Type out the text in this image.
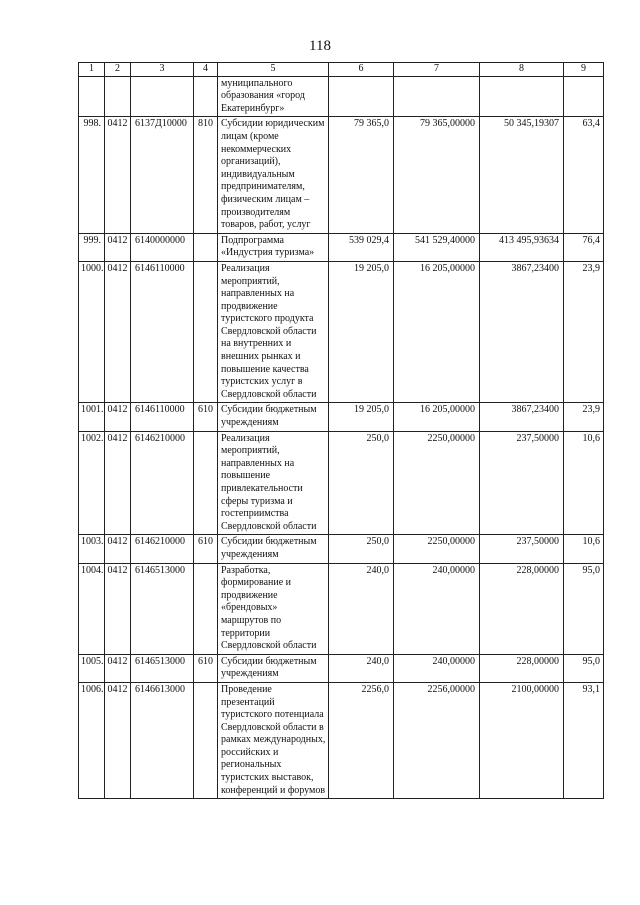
118
1	2	3	4	5	6	7	8	9
				муниципального образования «город Екатеринбург»				
998.	0412	6137Д10000	810	Субсидии юридическим лицам (кроме некоммерческих организаций), индивидуальным предпринимателям, физическим лицам – производителям товаров, работ, услуг	79 365,0	79 365,00000	50 345,19307	63,4
999.	0412	6140000000		Подпрограмма «Индустрия туризма»	539 029,4	541 529,40000	413 495,93634	76,4
1000.	0412	6146110000		Реализация мероприятий, направленных на продвижение туристского продукта Свердловской области на внутренних и внешних рынках и повышение качества туристских услуг в Свердловской области	19 205,0	16 205,00000	3867,23400	23,9
1001.	0412	6146110000	610	Субсидии бюджетным учреждениям	19 205,0	16 205,00000	3867,23400	23,9
1002.	0412	6146210000		Реализация мероприятий, направленных на повышение привлекательности сферы туризма и гостеприимства Свердловской области	250,0	2250,00000	237,50000	10,6
1003.	0412	6146210000	610	Субсидии бюджетным учреждениям	250,0	2250,00000	237,50000	10,6
1004.	0412	6146513000		Разработка, формирование и продвижение «брендовых» маршрутов по территории Свердловской области	240,0	240,00000	228,00000	95,0
1005.	0412	6146513000	610	Субсидии бюджетным учреждениям	240,0	240,00000	228,00000	95,0
1006.	0412	6146613000		Проведение презентаций туристского потенциала Свердловской области в рамках международных, российских и региональных туристских выставок, конференций и форумов	2256,0	2256,00000	2100,00000	93,1
